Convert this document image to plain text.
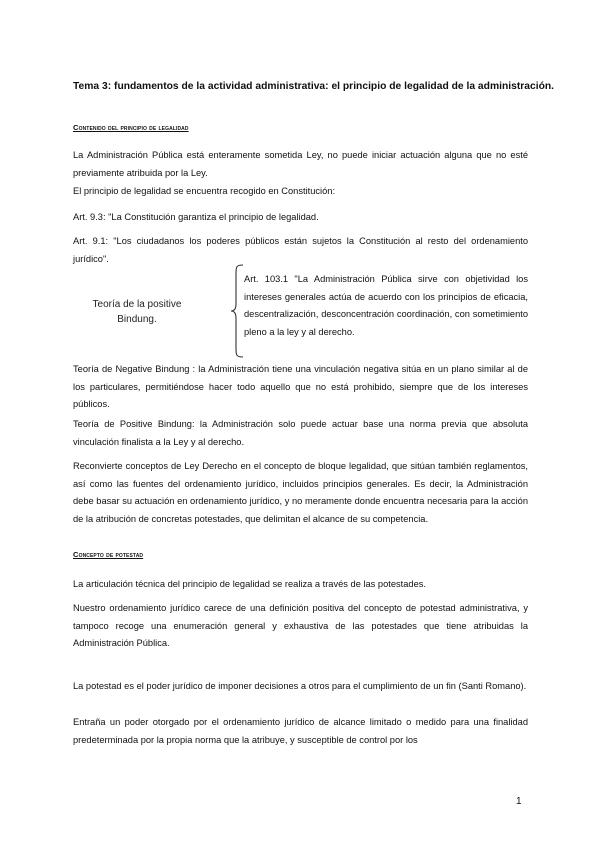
Tema 3: fundamentos de la actividad administrativa: el principio de legalidad de la administración.
Contenido del principio de legalidad

La Administración Pública está enteramente sometida Ley, no puede iniciar actuación alguna que no esté previamente atribuida por la Ley.

El principio de legalidad se encuentra recogido en Constitución:

Art. 9.3: "La Constitución garantiza el principio de legalidad.

Art. 9.1: "Los ciudadanos los poderes públicos están sujetos la Constitución al resto del ordenamiento jurídico".

Teoría de la positive Bindung.

Art. 103.1 "La Administración Pública sirve con objetividad los intereses generales actúa de acuerdo con los principios de eficacia, descentralización, desconcentración coordinación, con sometimiento pleno a la ley y al derecho.

Teoría de Negative Bindung : la Administración tiene una vinculación negativa sitúa en un plano similar al de los particulares, permitiéndose hacer todo aquello que no está prohibido, siempre que de los intereses públicos.

Teoría de Positive Bindung: la Administración solo puede actuar base una norma previa que absoluta vinculación finalista a la Ley y al derecho.

Reconvierte conceptos de Ley Derecho en el concepto de bloque legalidad, que sitúan también reglamentos, así como las fuentes del ordenamiento jurídico, incluidos principios generales. Es decir, la Administración debe basar su actuación en ordenamiento jurídico, y no meramente donde encuentra necesaria para la acción de la atribución de concretas potestades, que delimitan el alcance de su competencia.

Concepto de potestad

La articulación técnica del principio de legalidad se realiza a través de las potestades.

Nuestro ordenamiento jurídico carece de una definición positiva del concepto de potestad administrativa, y tampoco recoge una enumeración general y exhaustiva de las potestades que tiene atribuidas la Administración Pública.

La potestad es el poder jurídico de imponer decisiones a otros para el cumplimiento de un fin (Santi Romano).

Entraña un poder otorgado por el ordenamiento jurídico de alcance limitado o medido para una finalidad predeterminada por la propia norma que la atribuye, y susceptible de control por los

1
